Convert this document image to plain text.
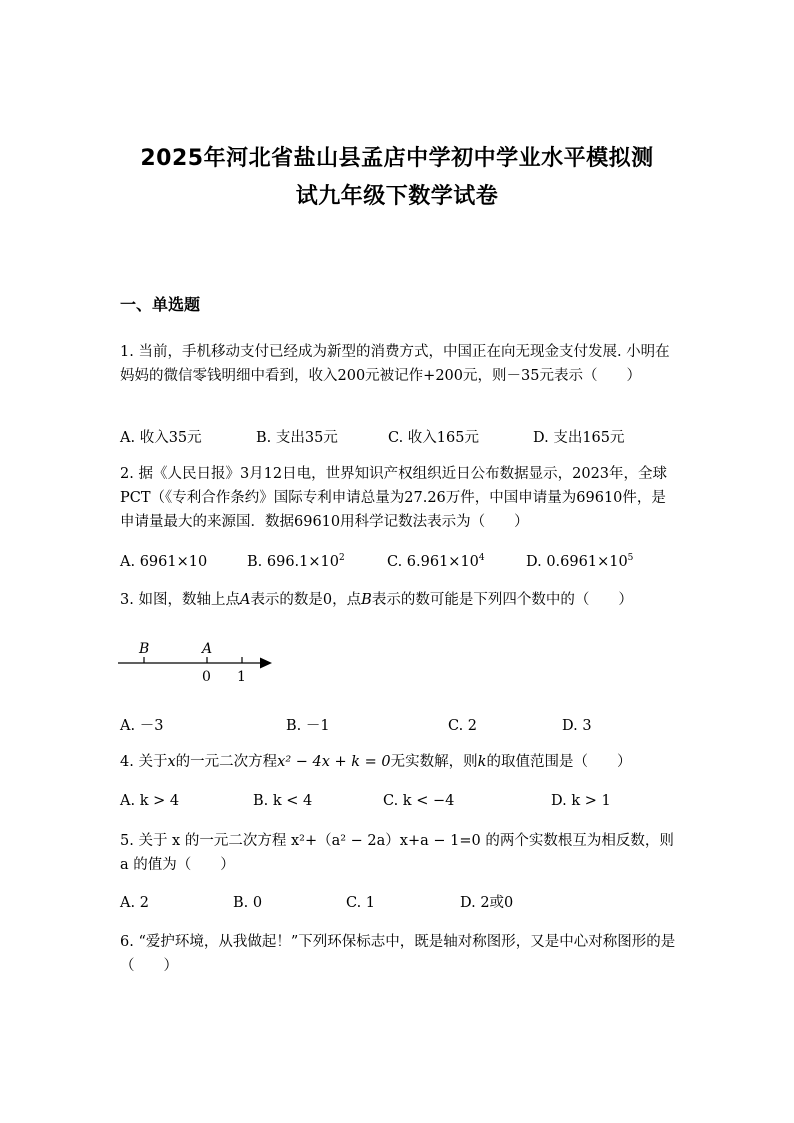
2025年河北省盐山县孟店中学初中学业水平模拟测
试九年级下数学试卷
一、单选题
1. 当前，手机移动支付已经成为新型的消费方式，中国正在向无现金支付发展. 小明在妈妈的微信零钱明细中看到，收入200元被记作+200元，则－35元表示（　　）
A. 收入35元	B. 支出35元	C. 收入165元	D. 支出165元
2. 据《人民日报》3月12日电，世界知识产权组织近日公布数据显示，2023年，全球PCT（《专利合作条约》国际专利申请总量为27.26万件，中国申请量为69610件，是申请量最大的来源国．数据69610用科学记数法表示为（　　）
A. 6961×10	B. $696.1\times 10^2$	C. $6.961\times 10^4$	D. $0.6961\times 10^5$
3. 如图，数轴上点A表示的数是0，点B表示的数可能是下列四个数中的（　　）
B	A
0 1
A. －3	B. －1	C. 2	D. 3
4. 关于x的一元二次方程x² − 4x + k = 0无实数解，则k的取值范围是（　　）
A. k > 4	B. k < 4	C. k < −4	D. k > 1
5. 关于 x 的一元二次方程 x²+（a² − 2a）x+a − 1=0 的两个实数根互为相反数，则 a 的值为（　　）
A. 2	B. 0	C. 1	D. 2或0
6. “爱护环境，从我做起！”下列环保标志中，既是轴对称图形，又是中心对称图形的是（　　）
